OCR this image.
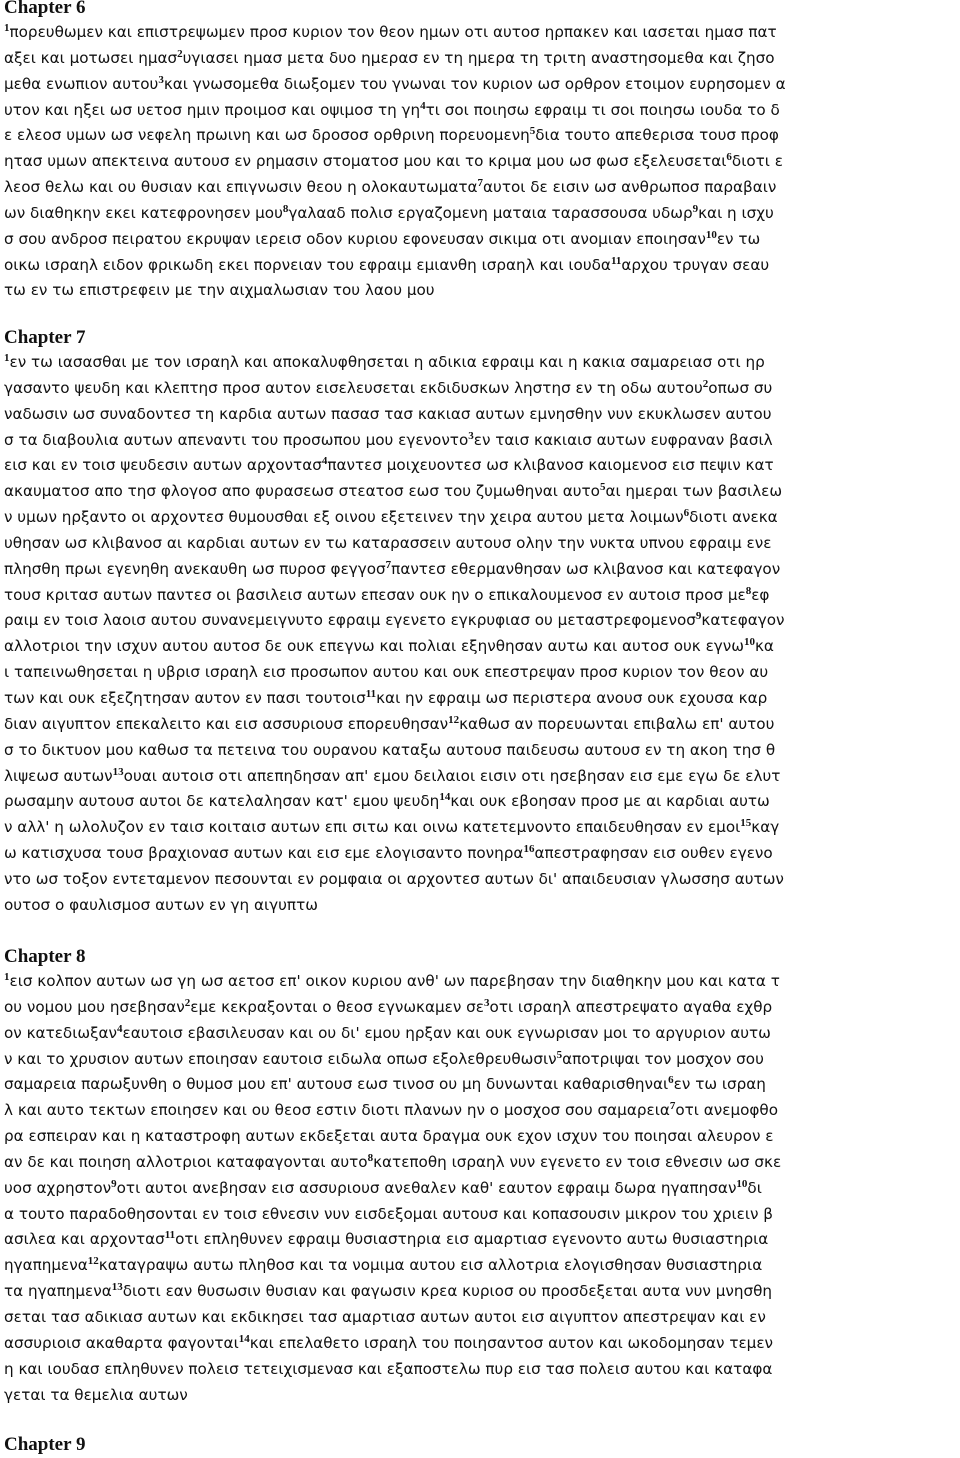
Chapter 6

$^1$πορευθωμεν και επιστρεψωμεν προσ κυριον τον θεον ημων οτι αυτοσ ηρπακεν και ιασεται ημασ πατ

αξει και μοτωσει ημασ$^2$υγιασει ημασ μετα δυο ημερασ εν τη ημερα τη τριτη αναστησομεθα και ζησο

μεθα ενωπιον αυτου$^3$και γνωσομεθα διωξομεν του γνωναι τον κυριον ωσ ορθρον ετοιμον ευρησομεν α

υτον και ηξει ωσ υετοσ ημιν προιμοσ και οψιμοσ τη $\gamma\eta^4\tau\iota$ σοι ποιησω εφραιμ τι σοι ποιησω ιουδα το δ

ε ελεοσ υμων ωσ νεφελη πρωινη και ωσ δροσοσ ορθρινη πορευομενη$^5$δια τουτο απεθερισα τουσ προφ

ητασ υμων απεκτεινα αυτουσ εν ρημασιν στοματοσ μου και το κριμα μου ωσ φωσ εξελευσεται$^6$διοτι ε

λεοσ θελω και ου θυσιαν και επιγνωσιν θεου η ολοκαυτωματα$^7$αυτοι δε εισιν ωσ ανθρωποσ παραβαιν

ων διαθηκην εκει κατεφρονησεν μου$^8$γαλααδ πολισ εργαζομενη ματαια ταρασσουσα υδωρ$^9$και η ισχυ

σ σου ανδροσ πειρατου εκρυψαν ιερεισ οδον κυριου εφονευσαν σικιμα οτι ανομιαν εποιησαν$^{10}$εν τω

οικω ισραηλ ειδον φρικωδη εκει πορνειαν του εφραιμ εμιανθη ισραηλ και ιουδα$^{11}$αρχου τρυγαν σεαυ

τω εν τω επιστρεφειν με την αιχμαλωσιαν του λαου μου

Chapter 7

$^1$εν τω ιασασθαι με τον ισραηλ και αποκαλυφθησεται η αδικια εφραιμ και η κακια σαμαρειασ οτι ηρ

γασαντο ψευδη και κλεπτησ προσ αυτον εισελευσεται εκδιδυσκων ληστησ εν τη οδω αυτου$^2$οπωσ συ

ναδωσιν ωσ συναδοντεσ τη καρδια αυτων πασασ τασ κακιασ αυτων εμνησθην νυν εκυκλωσεν αυτου

σ τα διαβουλια αυτων απεναντι του προσωπου μου εγενοντο$^3$εν ταισ κακιαισ αυτων ευφραναν βασιλ

εισ και εν τοισ ψευδεσιν αυτων αρχοντασ$^4$παντεσ μοιχευοντεσ ωσ κλιβανοσ καιομενοσ εισ πεψιν κατ

ακαυματοσ απο τησ φλογοσ απο φυρασεωσ στεατοσ εωσ του ζυμωθηναι αυτο$^5$αι ημεραι των βασιλεω

ν υμων ηρξαντο οι αρχοντεσ θυμουσθαι εξ οινου εξετεινεν την χειρα αυτου μετα λοιμων$^6$διοτι ανεκα

υθησαν ωσ κλιβανοσ αι καρδιαι αυτων εν τω καταρασσειν αυτουσ ολην την νυκτα υπνου εφραιμ ενε

πλησθη πρωι εγενηθη ανεκαυθη ωσ πυροσ φεγγοσ$^7$παντεσ εθερμανθησαν ωσ κλιβανοσ και κατεφαγον

τουσ κριτασ αυτων παντεσ οι βασιλεισ αυτων επεσαν ουκ ην ο επικαλουμενοσ εν αυτοισ προσ $\mu\varepsilon^8\varepsilon\varphi$

ραιμ εν τοισ λαοισ αυτου συνανεμειγνυτο εφραιμ εγενετο εγκρυφιασ ου μεταστρεφομενοσ$^9$κατεφαγον

αλλοτριοι την ισχυν αυτου αυτοσ δε ουκ επεγνω και πολιαι εξηνθησαν αυτω και αυτοσ ουκ εγνω$^{10}$κα

ι ταπεινωθησεται η υβρισ ισραηλ εισ προσωπον αυτου και ουκ επεστρεψαν προσ κυριον τον θεον αυ

των και ουκ εξεζητησαν αυτον εν πασι τουτοισ$^{11}$και ην εφραιμ ωσ περιστερα ανουσ ουκ εχουσα καρ

διαν αιγυπτον επεκαλειτο και εισ ασσυριουσ επορευθησαν$^{12}$καθωσ αν πορευωνται επιβαλω επ' αυτου

σ το δικτυον μου καθωσ τα πετεινα του ουρανου καταξω αυτουσ παιδευσω αυτουσ εν τη ακοη τησ θ

λιψεωσ αυτων$^{13}$ουαι αυτοισ οτι απεπηδησαν απ' εμου δειλαιοι εισιν οτι ησεβησαν εισ εμε εγω δε ελυτ

ρωσαμην αυτουσ αυτοι δε κατελαλησαν κατ' εμου ψευδη$^{14}$και ουκ εβοησαν προσ με αι καρδιαι αυτω

ν αλλ' η ωλολυζον εν ταισ κοιταισ αυτων επι σιτω και οινω κατετεμνοντο επαιδευθησαν εν εμοι$^{15}$καγ

ω κατισχυσα τουσ βραχιονασ αυτων και εισ εμε ελογισαντο πονηρα$^{16}$απεστραφησαν εισ ουθεν εγενο

ντο ωσ τοξον εντεταμενον πεσουνται εν ρομφαια οι αρχοντεσ αυτων δι' απαιδευσιαν γλωσσησ αυτων

ουτοσ ο φαυλισμοσ αυτων εν γη αιγυπτω

Chapter 8

$^1$εισ κολπον αυτων ωσ γη ωσ αετοσ επ' οικον κυριου ανθ' ων παρεβησαν την διαθηκην μου και κατα τ

ου νομου μου ησεβησαν$^2$εμε κεκραξονται ο θεοσ εγνωκαμεν $\sigma\varepsilon^3o\tau\iota$ ισραηλ απεστρεψατο αγαθα εχθρ

ον κατεδιωξαν$^4$εαυτοισ εβασιλευσαν και ου δι' εμου ηρξαν και ουκ εγνωρισαν μοι το αργυριον αυτω

ν και το χρυσιον αυτων εποιησαν εαυτοισ ειδωλα οπωσ εξολεθρευθωσιν$^5$αποτριψαι τον μοσχον σου

σαμαρεια παρωξυνθη ο θυμοσ μου επ' αυτουσ εωσ τινοσ ου μη δυνωνται καθαρισθηναι$^6$εν τω ισραη

λ και αυτο τεκτων εποιησεν και ου θεοσ εστιν διοτι πλανων ην ο μοσχοσ σου σαμαρεια$^7$οτι ανεμοφθο

ρα εσπειραν και η καταστροφη αυτων εκδεξεται αυτα δραγμα ουκ εχον ισχυν του ποιησαι αλευρον ε

αν δε και ποιηση αλλοτριοι καταφαγονται αυτο$^8$κατεποθη ισραηλ νυν εγενετο εν τοισ εθνεσιν ωσ σκε

υοσ αχρηστον$^9$οτι αυτοι ανεβησαν εισ ασσυριουσ ανεθαλεν καθ' εαυτον εφραιμ δωρα ηγαπησαν$^{10}$δι

α τουτο παραδοθησονται εν τοισ εθνεσιν νυν εισδεξομαι αυτουσ και κοπασουσιν μικρον του χριειν β

ασιλεα και αρχοντασ$^{11}$οτι επληθυνεν εφραιμ θυσιαστηρια εισ αμαρτιασ εγενοντο αυτω θυσιαστηρια

ηγαπημενα$^{12}$καταγραψω αυτω πληθοσ και τα νομιμα αυτου εισ αλλοτρια ελογισθησαν θυσιαστηρια

τα ηγαπημενα$^{13}$διοτι εαν θυσωσιν θυσιαν και φαγωσιν κρεα κυριοσ ου προσδεξεται αυτα νυν μνησθη

σεται τασ αδικιασ αυτων και εκδικησει τασ αμαρτιασ αυτων αυτοι εισ αιγυπτον απεστρεψαν και εν

ασσυριοισ ακαθαρτα φαγονται$^{14}$και επελαθετο ισραηλ του ποιησαντοσ αυτον και ωκοδομησαν τεμεν

η και ιουδασ επληθυνεν πολεισ τετειχισμενασ και εξαποστελω πυρ εισ τασ πολεισ αυτου και καταφα

γεται τα θεμελια αυτων

Chapter 9
